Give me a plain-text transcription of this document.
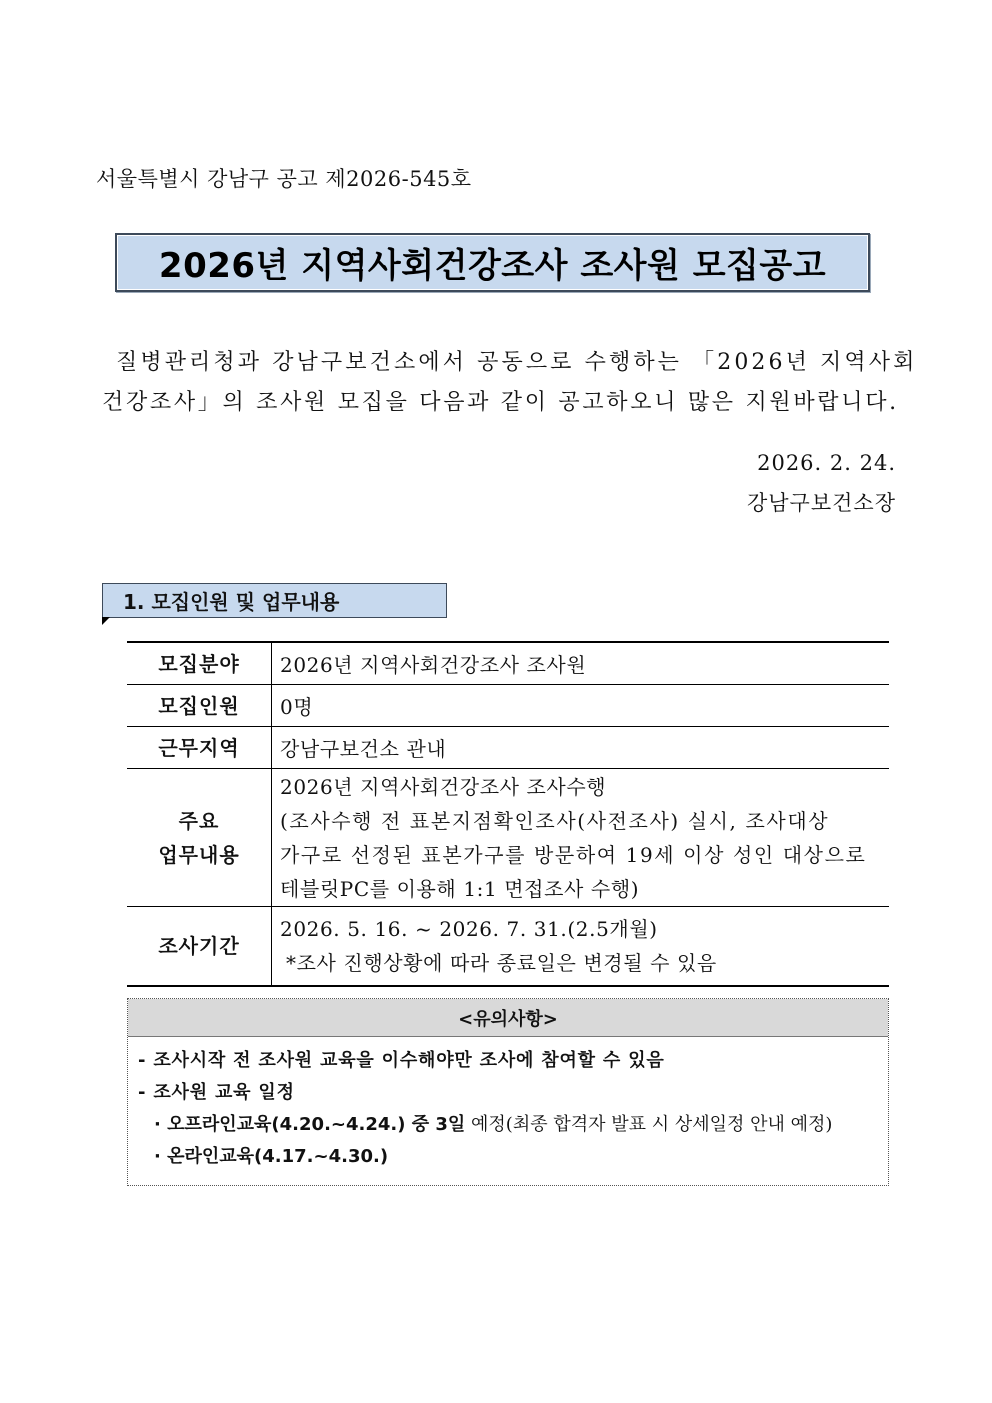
서울특별시 강남구 공고 제2026-545호
2026년 지역사회건강조사 조사원 모집공고
질병관리청과 강남구보건소에서 공동으로 수행하는 「2026년 지역사회
건강조사」의 조사원 모집을 다음과 같이 공고하오니 많은 지원바랍니다.
2026. 2. 24.
강남구보건소장
1. 모집인원 및 업무내용
모집분야	2026년 지역사회건강조사 조사원
모집인원	0명
근무지역	강남구보건소 관내

주요
업무내용	2026년 지역사회건강조사 조사수행
(조사수행 전 표본지점확인조사(사전조사) 실시, 조사대상
가구로 선정된 표본가구를 방문하여 19세 이상 성인 대상으로
테블릿PC를 이용해 1:1 면접조사 수행)

조사기간	2026. 5. 16. ~ 2026. 7. 31.(2.5개월)
*조사 진행상황에 따라 종료일은 변경될 수 있음
<유의사항>
- 조사시작 전 조사원 교육을 이수해야만 조사에 참여할 수 있음
- 조사원 교육 일정
· 오프라인교육(4.20.~4.24.) 중 3일 예정(최종 합격자 발표 시 상세일정 안내 예정)
· 온라인교육(4.17.~4.30.)
